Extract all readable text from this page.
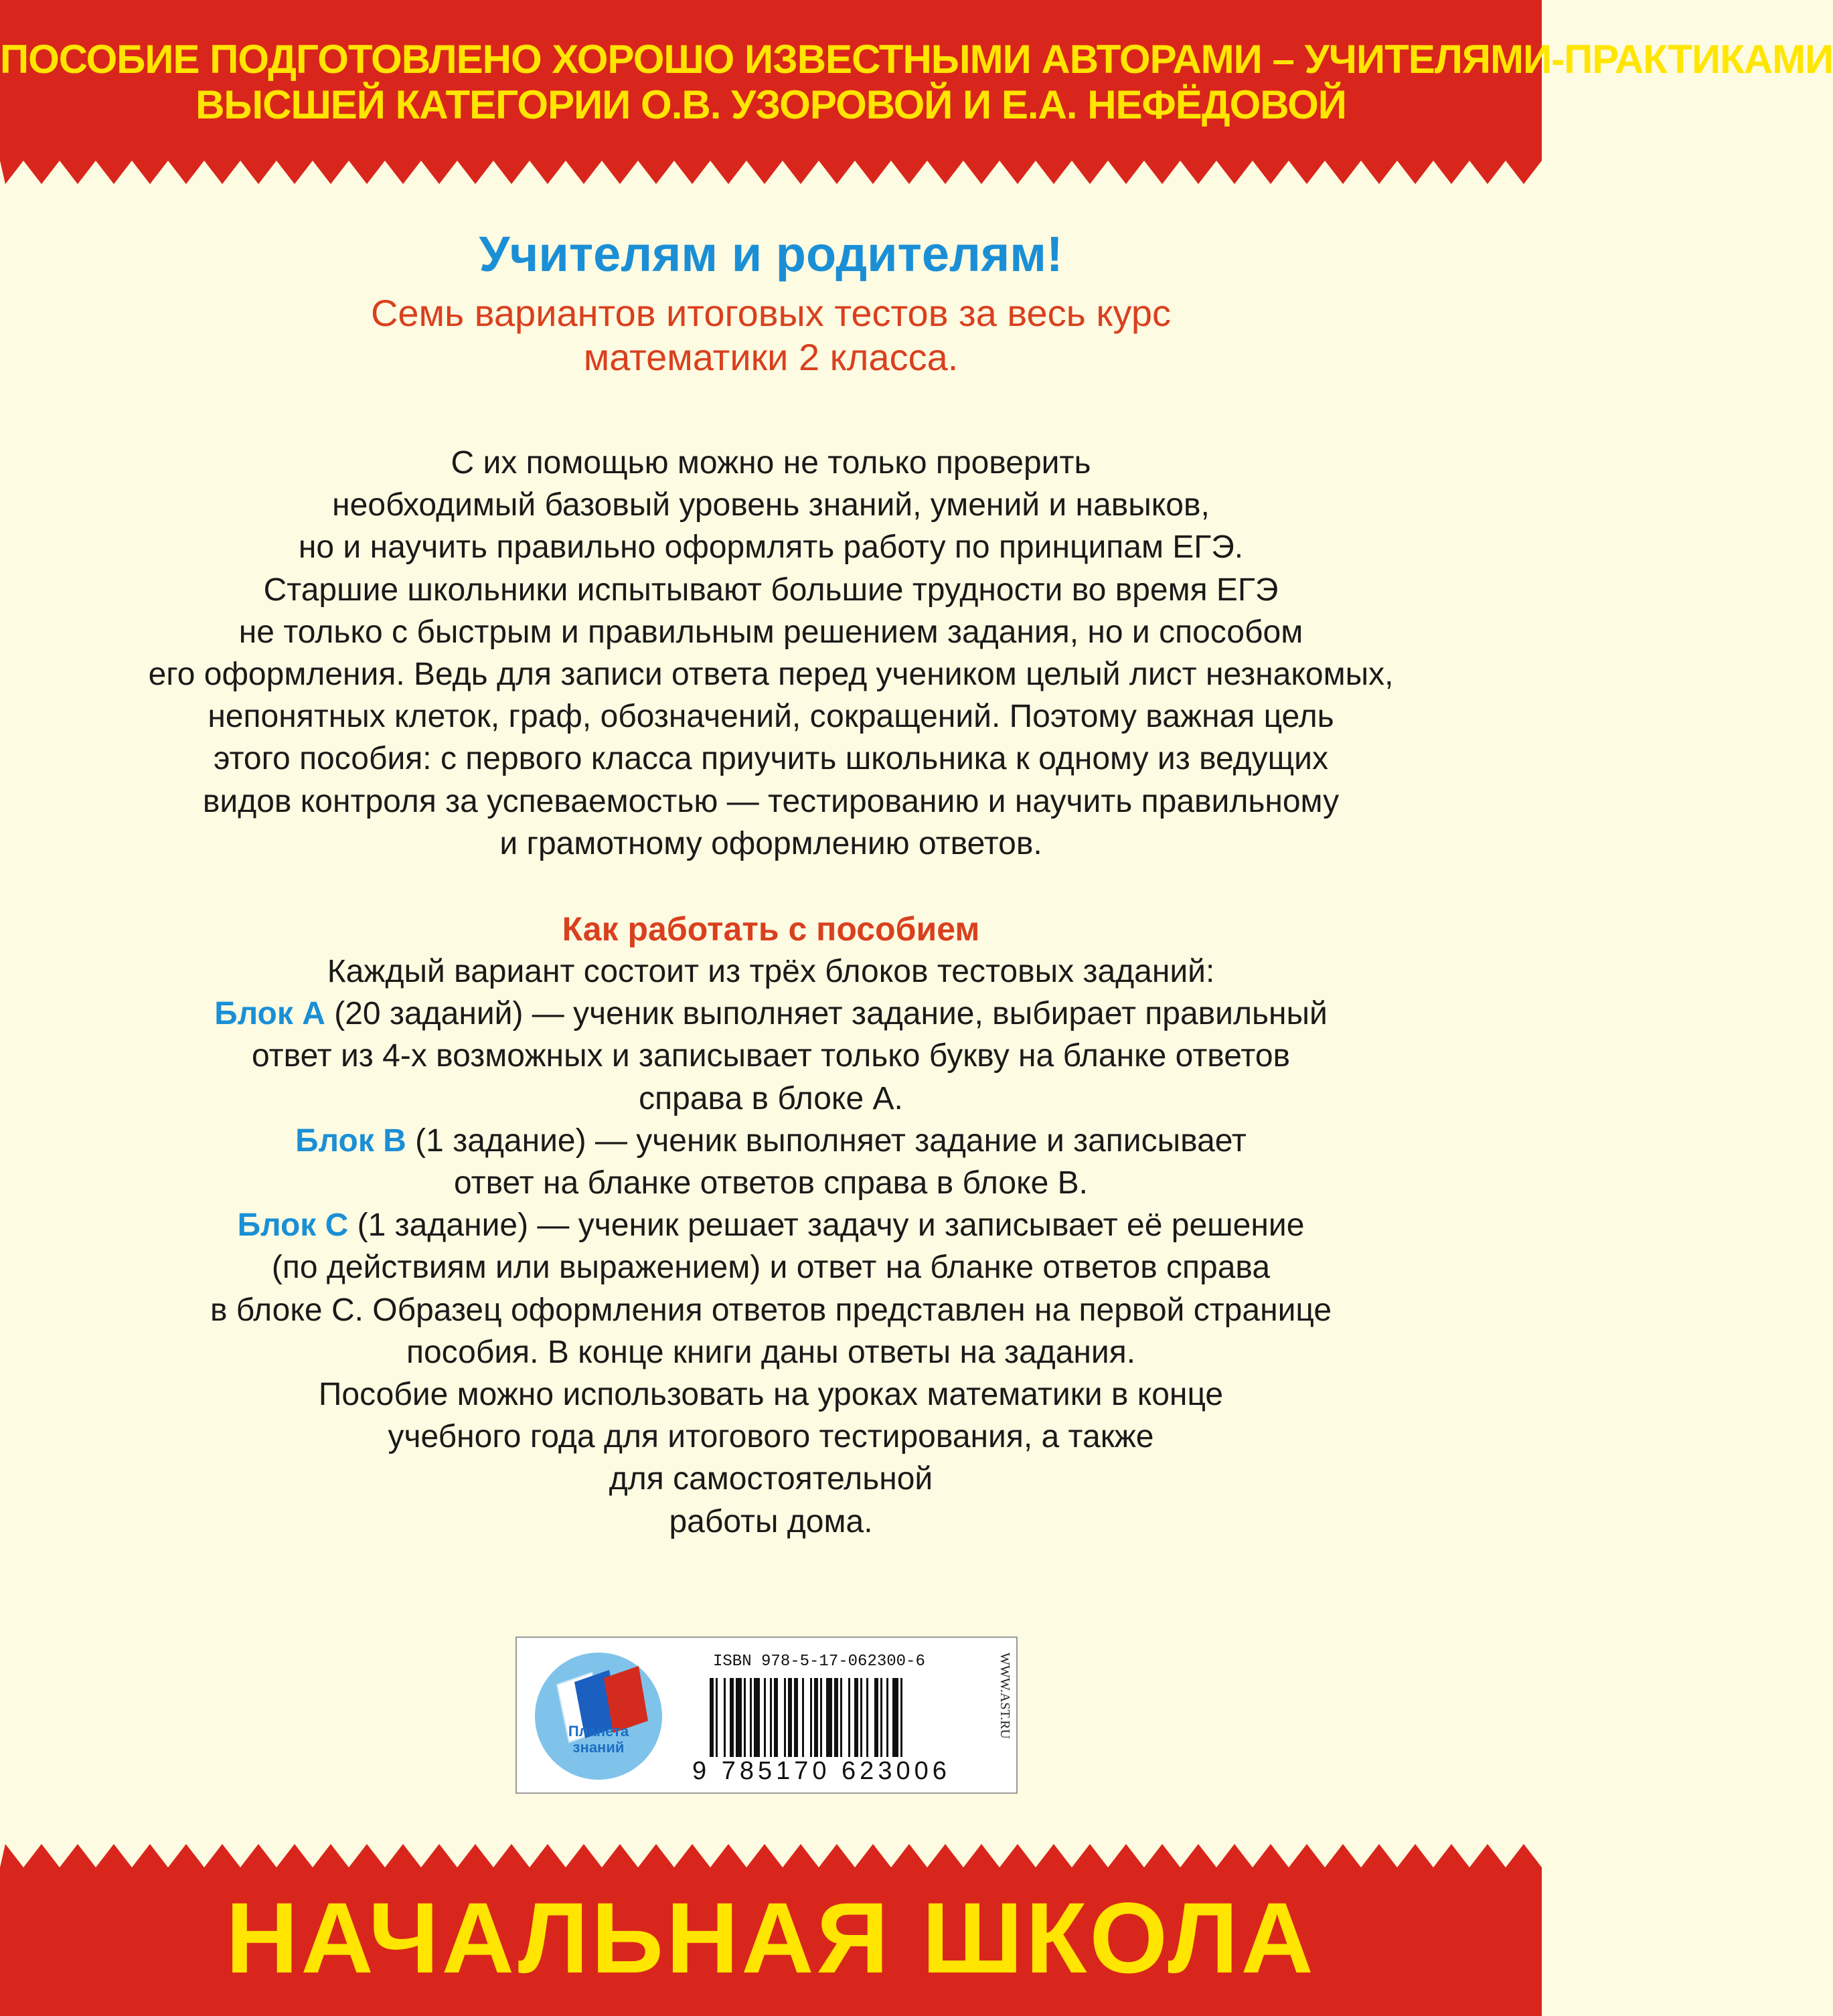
ПОСОБИЕ ПОДГОТОВЛЕНО ХОРОШО ИЗВЕСТНЫМИ АВТОРАМИ – УЧИТЕЛЯМИ-ПРАКТИКАМИ
ВЫСШЕЙ КАТЕГОРИИ О.В. УЗОРОВОЙ И Е.А. НЕФЁДОВОЙ
Учителям и родителям!
Семь вариантов итоговых тестов за весь курс
математики 2 класса.
С их помощью можно не только проверить
необходимый базовый уровень знаний, умений и навыков,
но и научить правильно оформлять работу по принципам ЕГЭ.
Старшие школьники испытывают большие трудности во время ЕГЭ
не только с быстрым и правильным решением задания, но и способом
его оформления. Ведь для записи ответа перед учеником целый лист незнакомых,
непонятных клеток, граф, обозначений, сокращений. Поэтому важная цель
этого пособия: с первого класса приучить школьника к одному из ведущих
видов контроля за успеваемостью — тестированию и научить правильному
и грамотному оформлению ответов.
Как работать с пособием
Каждый вариант состоит из трёх блоков тестовых заданий:
Блок А (20 заданий) — ученик выполняет задание, выбирает правильный
ответ из 4-х возможных и записывает только букву на бланке ответов
справа в блоке А.
Блок В (1 задание) — ученик выполняет задание и записывает
ответ на бланке ответов справа в блоке В.
Блок С (1 задание) — ученик решает задачу и записывает её решение
(по действиям или выражением) и ответ на бланке ответов справа
в блоке С. Образец оформления ответов представлен на первой странице
пособия. В конце книги даны ответы на задания.
Пособие можно использовать на уроках математики в конце
учебного года для итогового тестирования, а также
для самостоятельной
работы дома.
Планета
знаний
ISBN 978-5-17-062300-6
9 785170 623006
WWW.AST.RU
НАЧАЛЬНАЯ ШКОЛА
